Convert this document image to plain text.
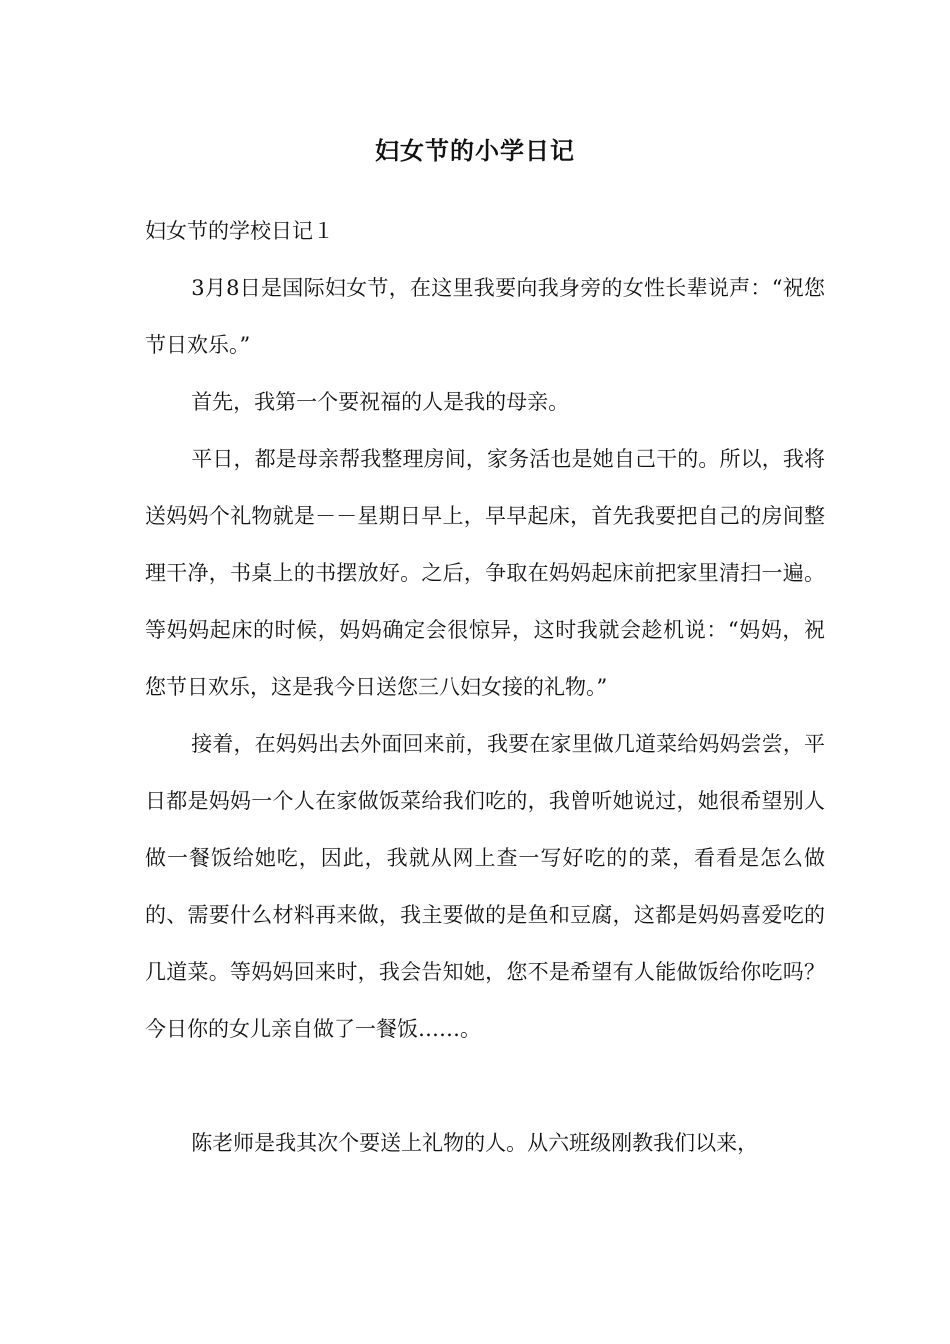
妇女节的小学日记

妇女节的学校日记１

3月8日是国际妇女节，在这里我要向我身旁的女性长辈说声：“祝您节日欢乐。”

首先，我第一个要祝福的人是我的母亲。

平日，都是母亲帮我整理房间，家务活也是她自己干的。所以，我将送妈妈个礼物就是－－星期日早上，早早起床，首先我要把自己的房间整理干净，书桌上的书摆放好。之后，争取在妈妈起床前把家里清扫一遍。等妈妈起床的时候，妈妈确定会很惊异，这时我就会趁机说：“妈妈，祝您节日欢乐，这是我今日送您三八妇女接的礼物。”

接着，在妈妈出去外面回来前，我要在家里做几道菜给妈妈尝尝，平日都是妈妈一个人在家做饭菜给我们吃的，我曾听她说过，她很希望别人做一餐饭给她吃，因此，我就从网上查一写好吃的的菜，看看是怎么做的、需要什么材料再来做，我主要做的是鱼和豆腐，这都是妈妈喜爱吃的几道菜。等妈妈回来时，我会告知她，您不是希望有人能做饭给你吃吗？今日你的女儿亲自做了一餐饭……。

陈老师是我其次个要送上礼物的人。从六班级刚教我们以来，
